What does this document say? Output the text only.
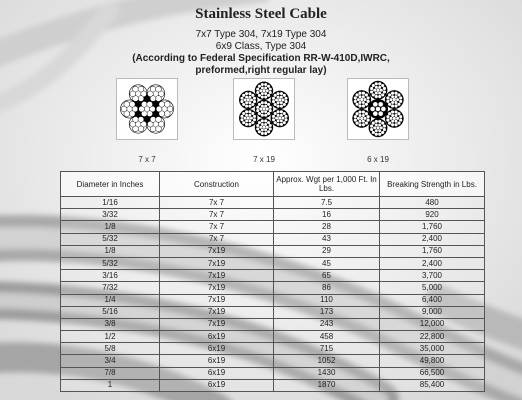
Stainless Steel Cable
7x7 Type 304, 7x19 Type 304
6x9 Class, Type 304
(According to Federal Specification RR-W-410D,IWRC,
preformed,right regular lay)
7 x 7	7 x 19	6 x 19
Diameter in Inches	Construction	Approx. Wgt per 1,000 Ft. In Lbs.	Breaking Strength in Lbs.
1/16	7x 7	7.5	480
3/32	7x 7	16	920
1/8	7x 7	28	1,760
5/32	7x 7	43	2,400
1/8	7x19	29	1,760
5/32	7x19	45	2,400
3/16	7x19	65	3,700
7/32	7x19	86	5,000
1/4	7x19	110	6,400
5/16	7x19	173	9,000
3/8	7x19	243	12,000
1/2	6x19	458	22,800
5/8	6x19	715	35,000
3/4	6x19	1052	49,800
7/8	6x19	1430	66,500
1	6x19	1870	85,400
